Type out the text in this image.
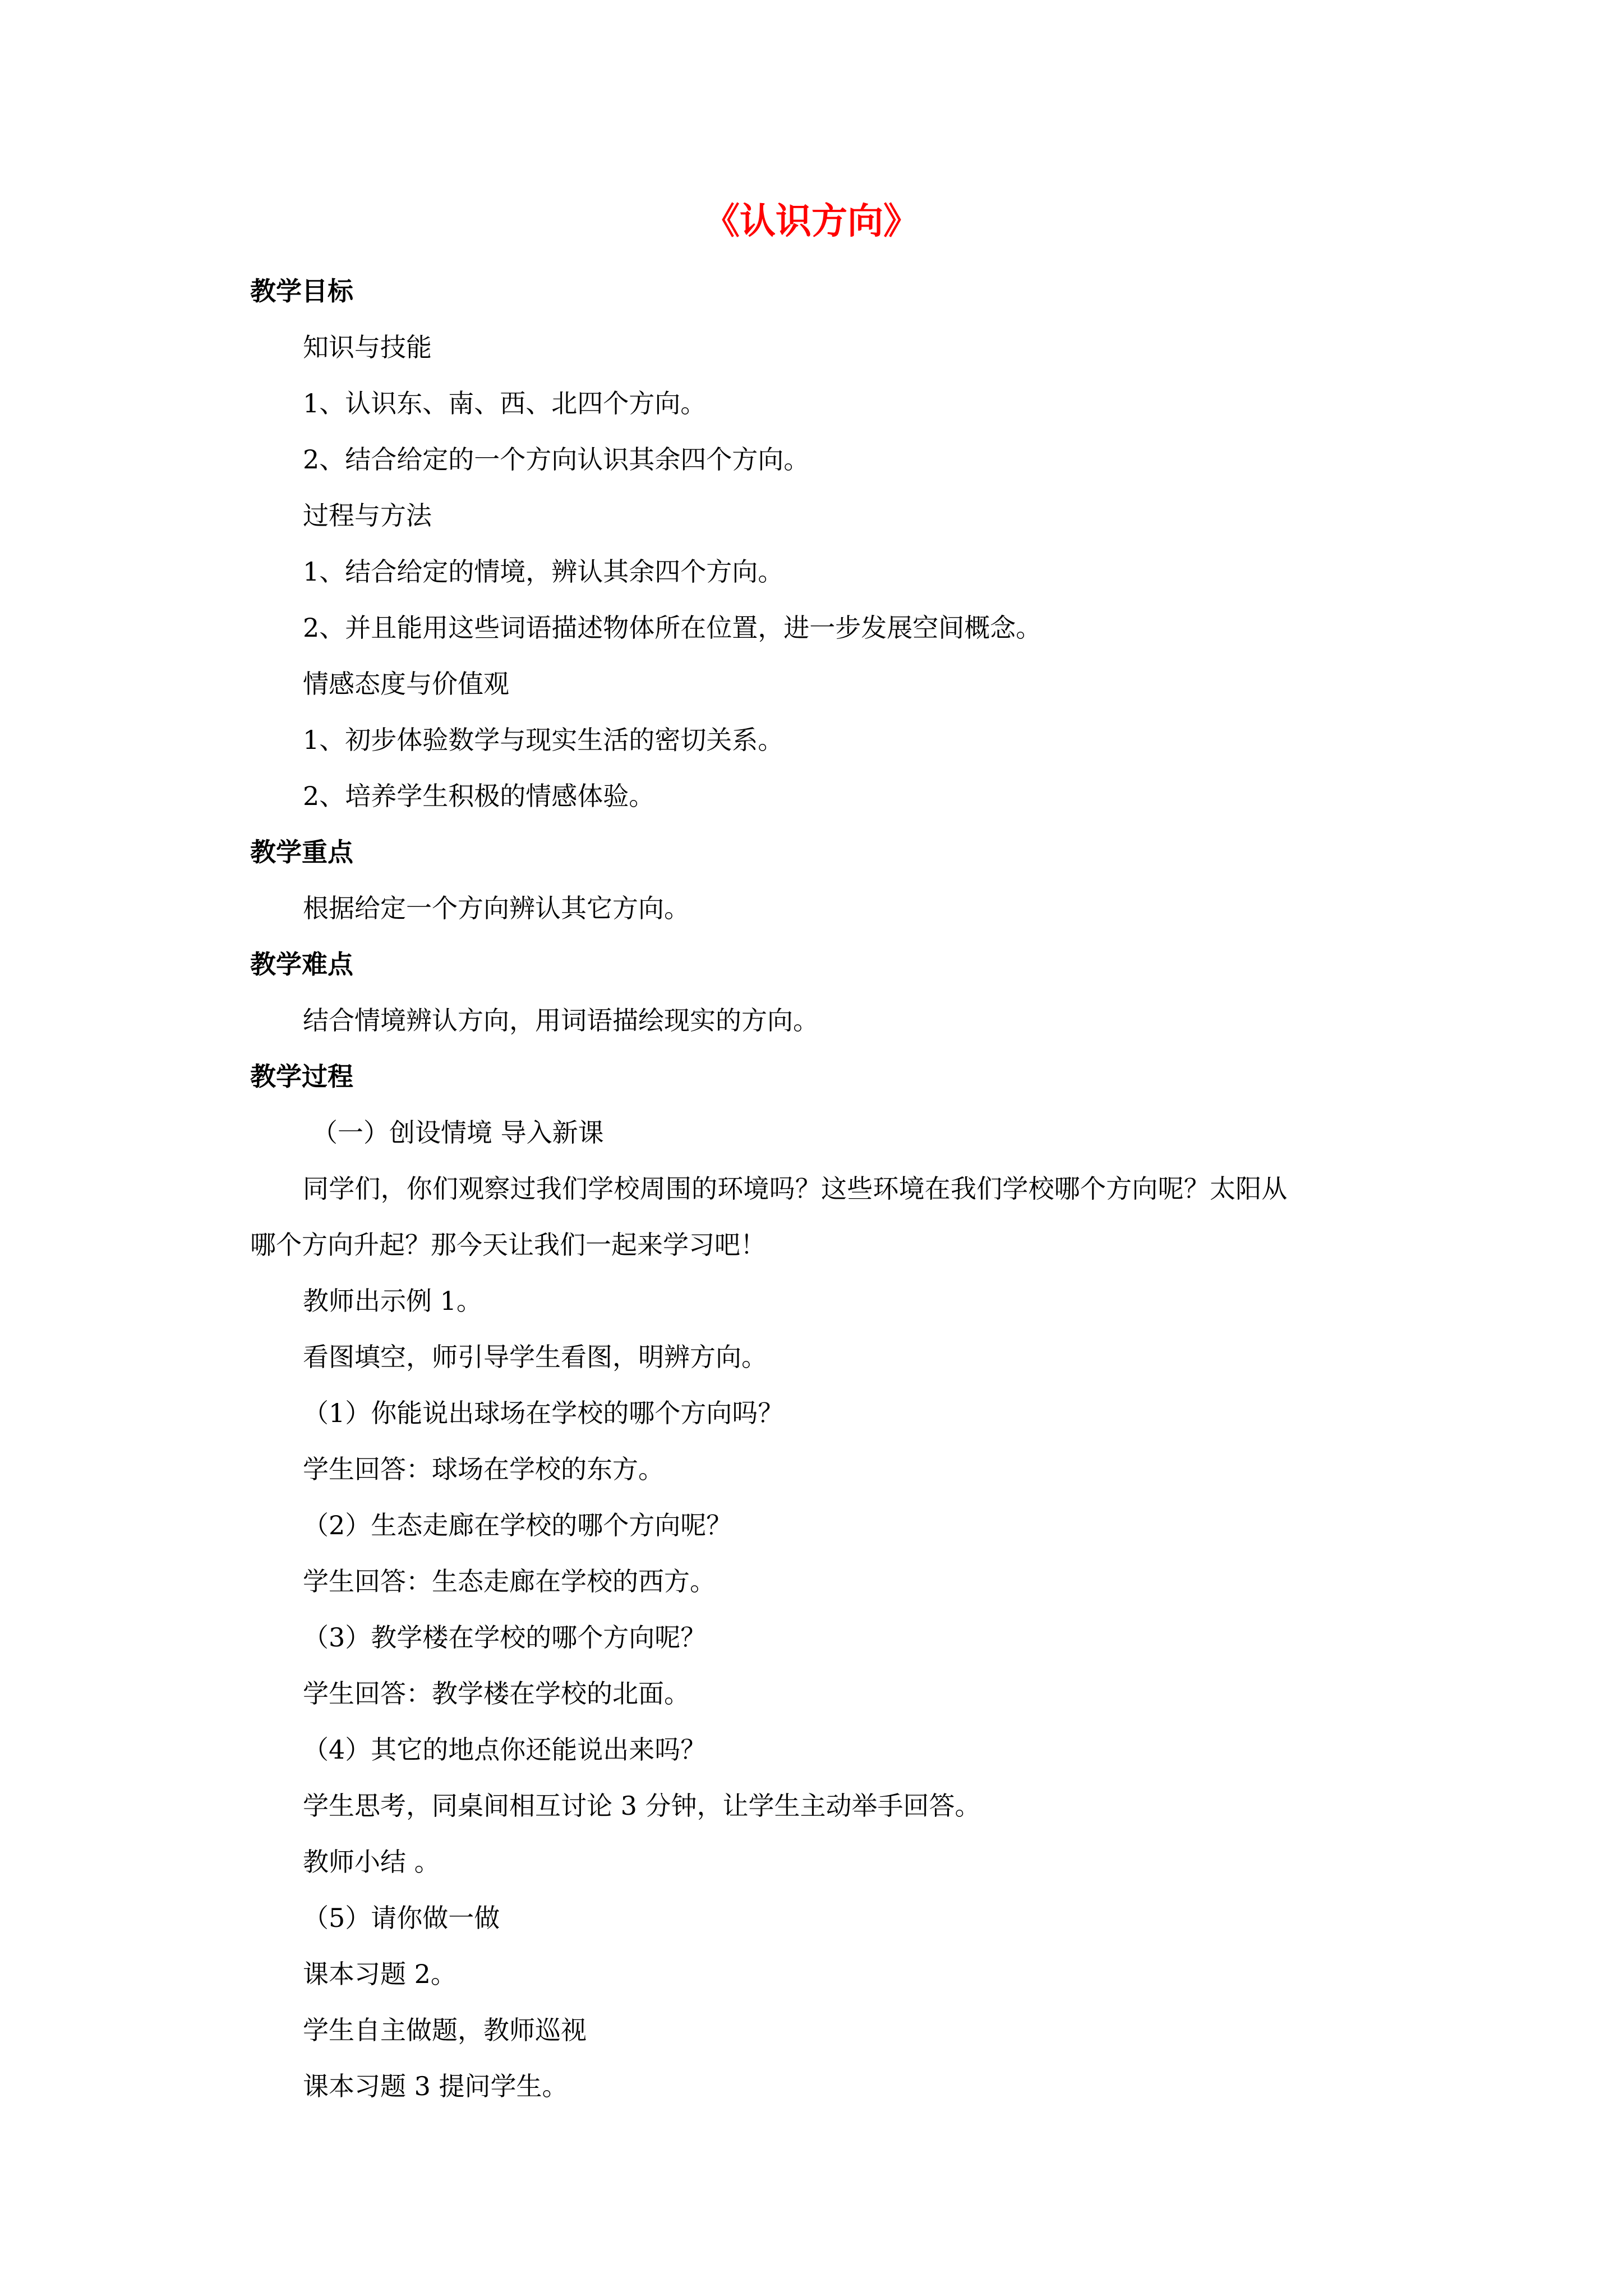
《认识方向》
教学目标
知识与技能
1、认识东、南、西、北四个方向。
2、结合给定的一个方向认识其余四个方向。
过程与方法
1、结合给定的情境，辨认其余四个方向。
2、并且能用这些词语描述物体所在位置，进一步发展空间概念。
情感态度与价值观
1、初步体验数学与现实生活的密切关系。
2、培养学生积极的情感体验。
教学重点
根据给定一个方向辨认其它方向。
教学难点
结合情境辨认方向，用词语描绘现实的方向。
教学过程
（一）创设情境 导入新课
同学们，你们观察过我们学校周围的环境吗？这些环境在我们学校哪个方向呢？太阳从
哪个方向升起？那今天让我们一起来学习吧！
教师出示例 1。
看图填空，师引导学生看图，明辨方向。
（1）你能说出球场在学校的哪个方向吗？
学生回答：球场在学校的东方。
（2）生态走廊在学校的哪个方向呢？
学生回答：生态走廊在学校的西方。
（3）教学楼在学校的哪个方向呢？
学生回答：教学楼在学校的北面。
（4）其它的地点你还能说出来吗？
学生思考，同桌间相互讨论 3 分钟，让学生主动举手回答。
教师小结 。
（5）请你做一做
课本习题 2。
学生自主做题，教师巡视
课本习题 3 提问学生。
